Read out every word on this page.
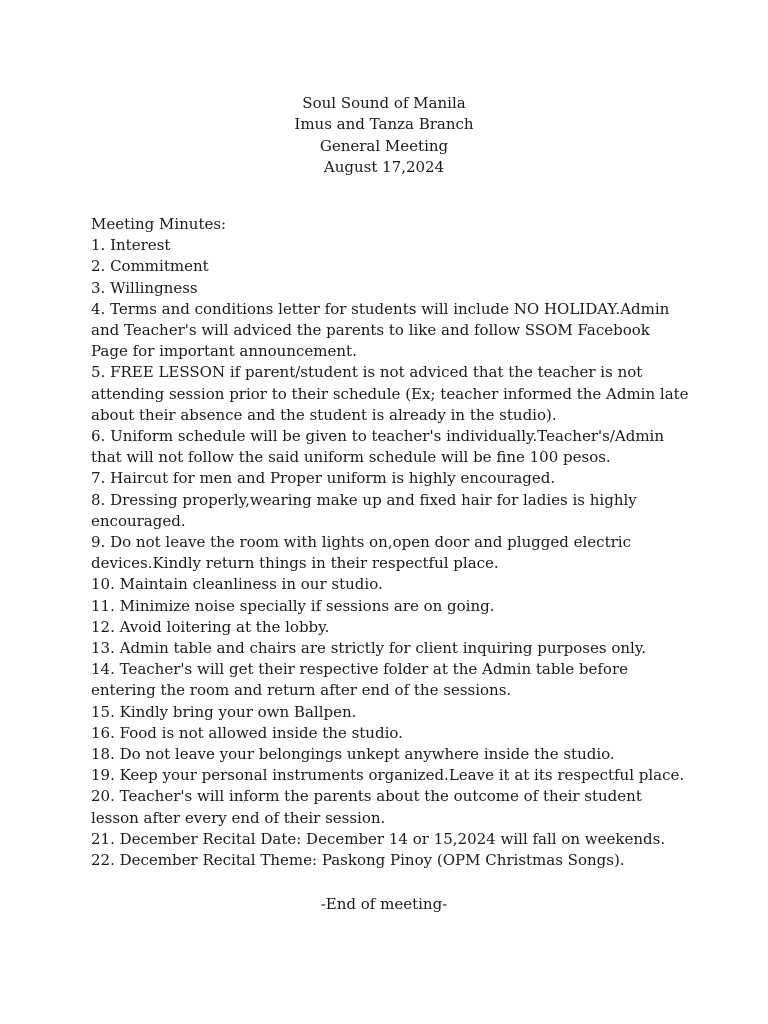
Soul Sound of Manila
Imus and Tanza Branch
General Meeting
August 17,2024
Meeting Minutes:
1. Interest
2. Commitment
3. Willingness
4. Terms and conditions letter for students will include NO HOLIDAY.Admin and Teacher's will adviced the parents to like and follow SSOM Facebook Page for important announcement.
5. FREE LESSON if parent/student is not adviced that the teacher is not attending session prior to their schedule (Ex; teacher informed the Admin late about their absence and the student is already in the studio).
6. Uniform schedule will be given to teacher's individually.Teacher's/Admin that will not follow the said uniform schedule will be fine 100 pesos.
7. Haircut for men and Proper uniform is highly encouraged.
8. Dressing properly,wearing make up and fixed hair for ladies is highly encouraged.
9. Do not leave the room with lights on,open door and plugged electric devices.Kindly return things in their respectful place.
10. Maintain cleanliness in our studio.
11. Minimize noise specially if sessions are on going.
12. Avoid loitering at the lobby.
13. Admin table and chairs are strictly for client inquiring purposes only.
14. Teacher's will get their respective folder at the Admin table before entering the room and return after end of the sessions.
15. Kindly bring your own Ballpen.
16. Food is not allowed inside the studio.
18. Do not leave your belongings unkept anywhere inside the studio.
19. Keep your personal instruments organized.Leave it at its respectful place.
20. Teacher's will inform the parents about the outcome of their student lesson after every end of their session.
21. December Recital Date: December 14 or 15,2024 will fall on weekends.
22. December Recital Theme: Paskong Pinoy (OPM Christmas Songs).
-End of meeting-
